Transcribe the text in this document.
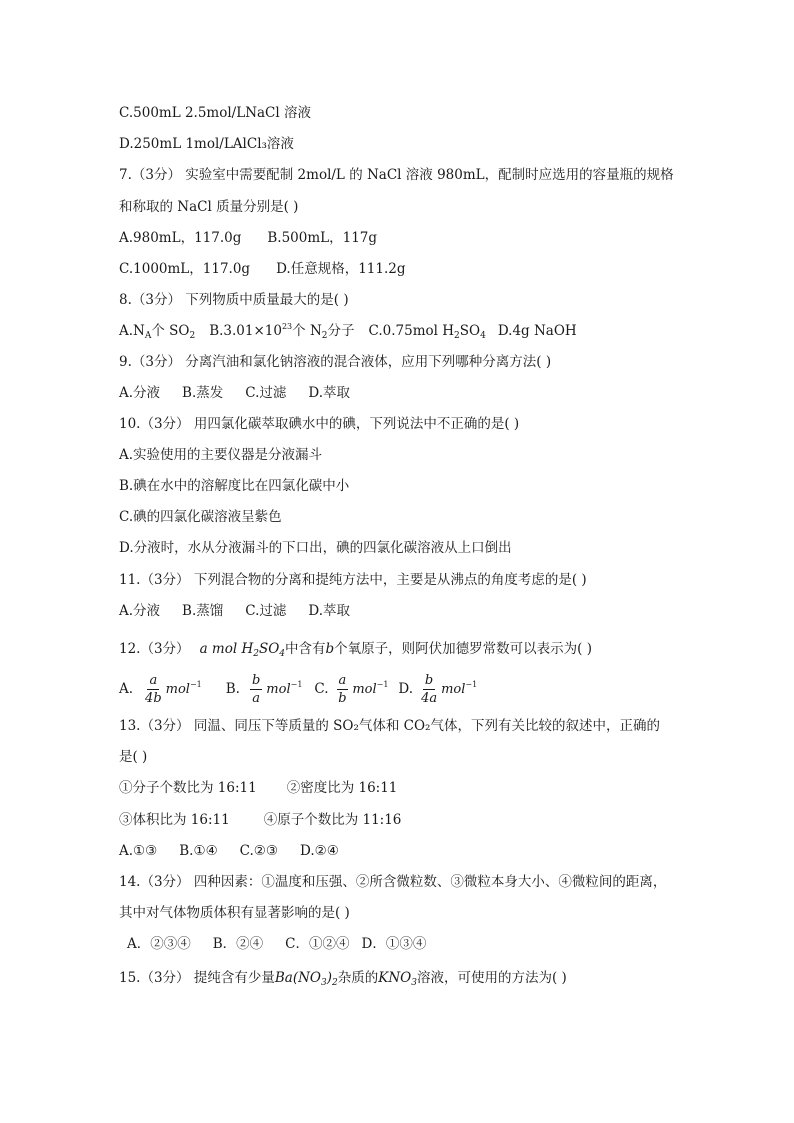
C.500mL 2.5mol/LNaCl 溶液
D.250mL 1mol/LAlCl₃溶液
7.（3分） 实验室中需要配制 2mol/L 的 NaCl 溶液 980mL，配制时应选用的容量瓶的规格
和称取的 NaCl 质量分别是( )
A.980mL，117.0g B.500mL，117g
C.1000mL，117.0g D.任意规格，111.2g
8.（3分） 下列物质中质量最大的是( )
$A.N_A$个 $SO_2$ $B.3.01\times 10^{23}$个 $N_2$分子 C.0.75mol $H_2SO_4$ D.4g NaOH
9.（3分） 分离汽油和氯化钠溶液的混合液体，应用下列哪种分离方法( )
A.分液 B.蒸发 C.过滤 D.萃取
10.（3分） 用四氯化碳萃取碘水中的碘，下列说法中不正确的是( )
A.实验使用的主要仪器是分液漏斗
B.碘在水中的溶解度比在四氯化碳中小
C.碘的四氯化碳溶液呈紫色
D.分液时，水从分液漏斗的下口出，碘的四氯化碳溶液从上口倒出
11.（3分） 下列混合物的分离和提纯方法中，主要是从沸点的角度考虑的是( )
A.分液 B.蒸馏 C.过滤 D.萃取
12.（3分） a mol $H_2SO_4$中含有b个氧原子，则阿伏加德罗常数可以表示为( )
A. $\frac{a}{4b} mol^{-1}$ B. $\frac{b}{a} mol^{-1}$ C. $\frac{a}{b} mol^{-1}$ D. $\frac{b}{4a} mol^{-1}$
13.（3分） 同温、同压下等质量的 SO₂气体和 CO₂气体，下列有关比较的叙述中，正确的
是( )
①分子个数比为 16:11 ②密度比为 16:11
③体积比为 16:11	④原子个数比为 11:16
A.①③ B.①④ C.②③ D.②④
14.（3分） 四种因素：①温度和压强、②所含微粒数、③微粒本身大小、④微粒间的距离，
其中对气体物质体积有显著影响的是( )
A．②③④ B．②④ C．①②④ D．①③④
15.（3分） 提纯含有少量$Ba(NO_3)_2$杂质的$KNO_3$溶液，可使用的方法为( )
